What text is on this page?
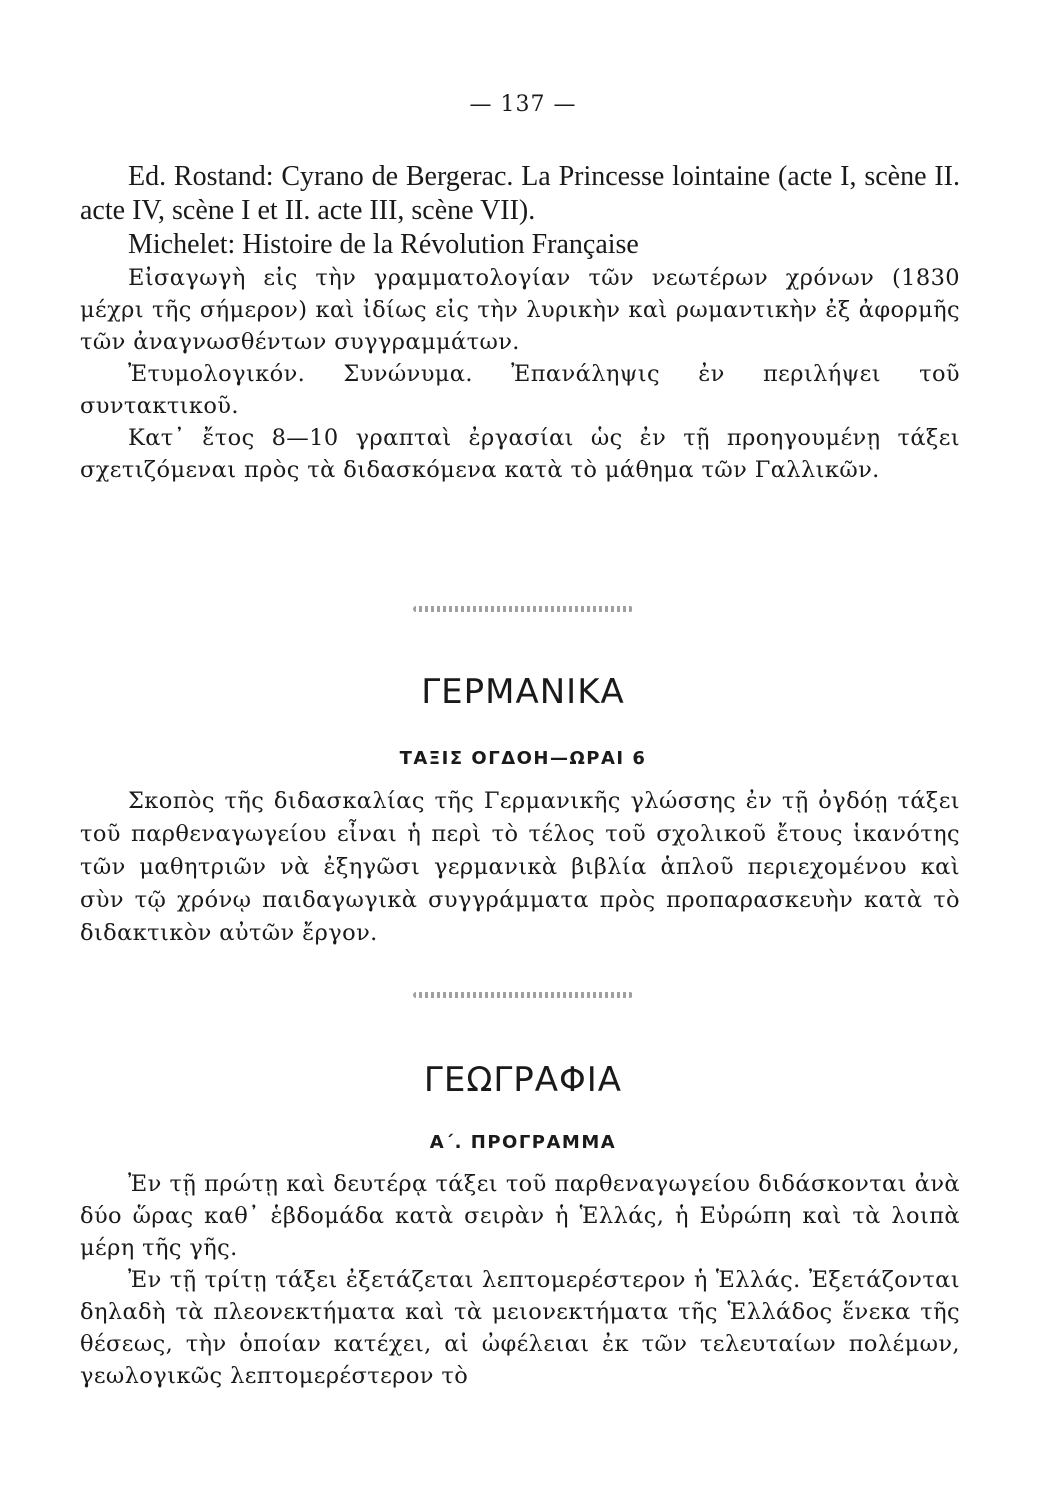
— 137 —

Ed. Rostand: Cyrano de Bergerac. La Princesse lointaine (acte I, scène II. acte IV, scène I et II. acte III, scène VII).

Michelet: Histoire de la Révolution Française

Εἰσαγωγὴ εἰς τὴν γραμματολογίαν τῶν νεωτέρων χρόνων (1830 μέχρι τῆς σήμερον) καὶ ἰδίως εἰς τὴν λυρικὴν καὶ ρωμαντικὴν ἐξ ἀφορμῆς τῶν ἀναγνωσθέντων συγγραμμάτων.

Ἐτυμολογικόν. Συνώνυμα. Ἐπανάληψις ἐν περιλήψει τοῦ συντακτικοῦ.

Κατ᾿ ἔτος 8—10 γραπταὶ ἐργασίαι ὡς ἐν τῇ προηγουμένῃ τάξει σχετιζόμεναι πρὸς τὰ διδασκόμενα κατὰ τὸ μάθημα τῶν Γαλλικῶν.

ΓΕΡΜΑΝΙΚΑ
ΤΑΞΙΣ ΟΓΔΟΗ—ΩΡΑΙ 6

Σκοπὸς τῆς διδασκαλίας τῆς Γερμανικῆς γλώσσης ἐν τῇ ὀγδόῃ τάξει τοῦ παρθεναγωγείου εἶναι ἡ περὶ τὸ τέλος τοῦ σχολικοῦ ἔτους ἱκανότης τῶν μαθητριῶν νὰ ἐξηγῶσι γερμανικὰ βιβλία ἁπλοῦ περιεχομένου καὶ σὺν τῷ χρόνῳ παιδαγωγικὰ συγγράμματα πρὸς προπαρασκευὴν κατὰ τὸ διδακτικὸν αὐτῶν ἔργον.

ΓΕΩΓΡΑΦΙΑ
Α΄. ΠΡΟΓΡΑΜΜΑ

Ἐν τῇ πρώτῃ καὶ δευτέρᾳ τάξει τοῦ παρθεναγωγείου διδάσκονται ἀνὰ δύο ὥρας καθ᾿ ἑβδομάδα κατὰ σειρὰν ἡ Ἑλλάς, ἡ Εὐρώπη καὶ τὰ λοιπὰ μέρη τῆς γῆς.

Ἐν τῇ τρίτῃ τάξει ἐξετάζεται λεπτομερέστερον ἡ Ἑλλάς. Ἐξετάζονται δηλαδὴ τὰ πλεονεκτήματα καὶ τὰ μειονεκτήματα τῆς Ἑλλάδος ἕνεκα τῆς θέσεως, τὴν ὁποίαν κατέχει, αἱ ὠφέλειαι ἐκ τῶν τελευταίων πολέμων, γεωλογικῶς λεπτομερέστερον τὸ
